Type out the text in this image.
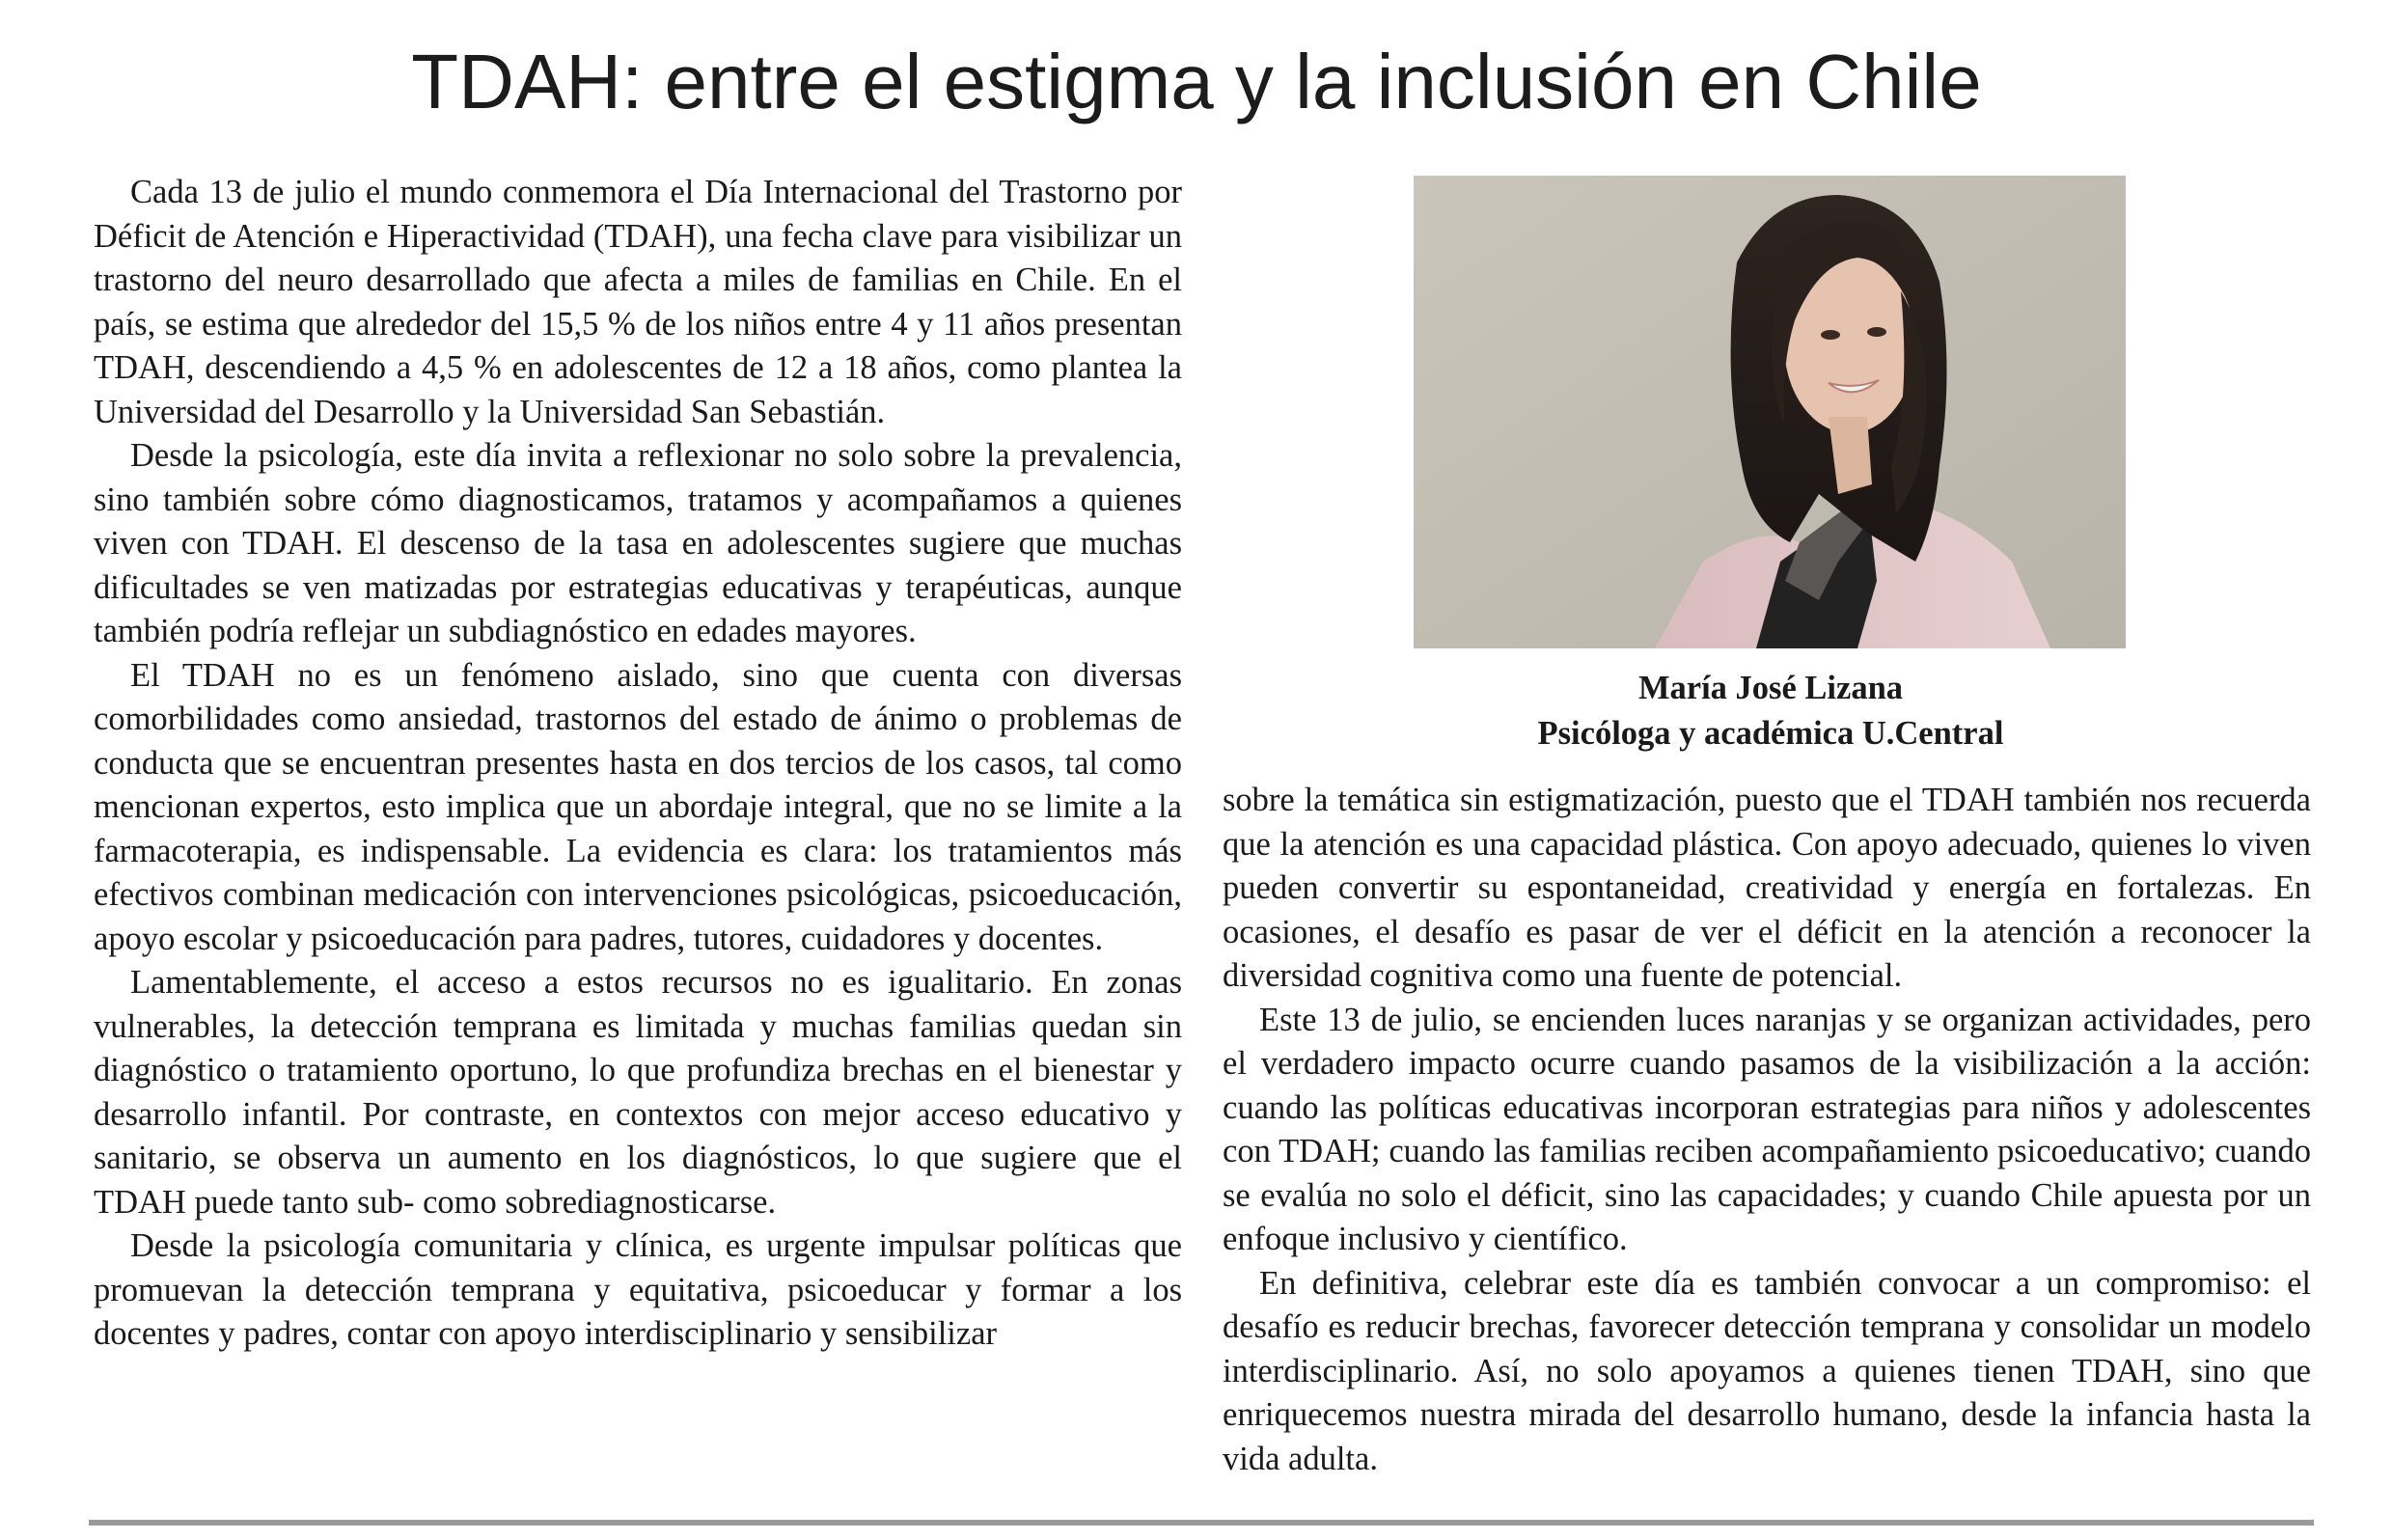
TDAH: entre el estigma y la inclusión en Chile

Cada 13 de julio el mundo conmemora el Día Internacional del Trastorno por Déficit de Atención e Hiperactividad (TDAH), una fecha clave para visibilizar un trastorno del neuro desarrollado que afecta a miles de familias en Chile. En el país, se estima que alrededor del 15,5 % de los niños entre 4 y 11 años presentan TDAH, descendiendo a 4,5 % en adolescentes de 12 a 18 años, como plantea la Universidad del Desarrollo y la Universidad San Sebastián.

Desde la psicología, este día invita a reflexionar no solo sobre la prevalencia, sino también sobre cómo diagnosticamos, tratamos y acompañamos a quienes viven con TDAH. El descenso de la tasa en adolescentes sugiere que muchas dificultades se ven matizadas por estrategias educativas y terapéuticas, aunque también podría reflejar un subdiagnóstico en edades mayores.

El TDAH no es un fenómeno aislado, sino que cuenta con diversas comorbilidades como ansiedad, trastornos del estado de ánimo o problemas de conducta que se encuentran presentes hasta en dos tercios de los casos, tal como mencionan expertos, esto implica que un abordaje integral, que no se limite a la farmacoterapia, es indispensable. La evidencia es clara: los tratamientos más efectivos combinan medicación con intervenciones psicológicas, psicoeducación, apoyo escolar y psicoeducación para padres, tutores, cuidadores y docentes.

Lamentablemente, el acceso a estos recursos no es igualitario. En zonas vulnerables, la detección temprana es limitada y muchas familias quedan sin diagnóstico o tratamiento oportuno, lo que profundiza brechas en el bienestar y desarrollo infantil. Por contraste, en contextos con mejor acceso educativo y sanitario, se observa un aumento en los diagnósticos, lo que sugiere que el TDAH puede tanto sub- como sobrediagnosticarse.

Desde la psicología comunitaria y clínica, es urgente impulsar políticas que promuevan la detección temprana y equitativa, psicoeducar y formar a los docentes y padres, contar con apoyo interdisciplinario y sensibilizar

María José Lizana
Psicóloga y académica U.Central

sobre la temática sin estigmatización, puesto que el TDAH también nos recuerda que la atención es una capacidad plástica. Con apoyo adecuado, quienes lo viven pueden convertir su espontaneidad, creatividad y energía en fortalezas. En ocasiones, el desafío es pasar de ver el déficit en la atención a reconocer la diversidad cognitiva como una fuente de potencial.

Este 13 de julio, se encienden luces naranjas y se organizan actividades, pero el verdadero impacto ocurre cuando pasamos de la visibilización a la acción: cuando las políticas educativas incorporan estrategias para niños y adolescentes con TDAH; cuando las familias reciben acompañamiento psicoeducativo; cuando se evalúa no solo el déficit, sino las capacidades; y cuando Chile apuesta por un enfoque inclusivo y científico.

En definitiva, celebrar este día es también convocar a un compromiso: el desafío es reducir brechas, favorecer detección temprana y consolidar un modelo interdisciplinario. Así, no solo apoyamos a quienes tienen TDAH, sino que enriquecemos nuestra mirada del desarrollo humano, desde la infancia hasta la vida adulta.
